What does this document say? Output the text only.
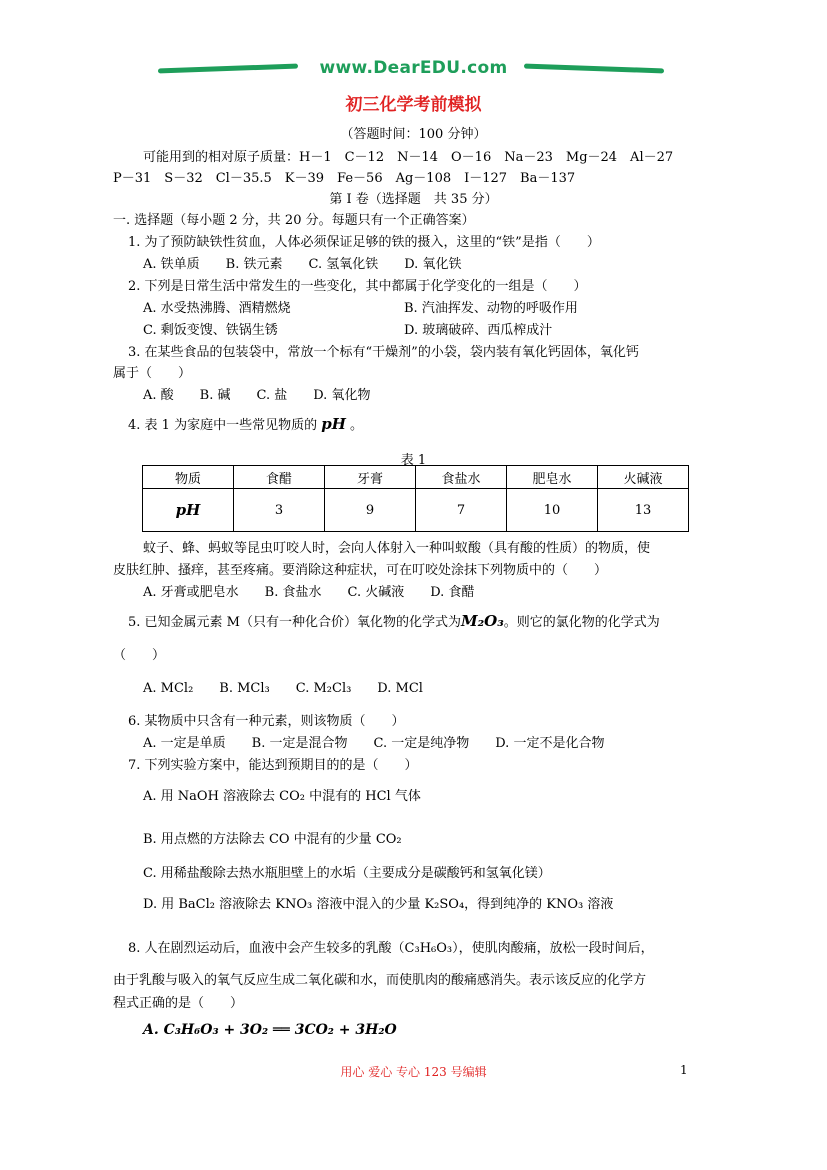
www.DearEDU.com
初三化学考前模拟
（答题时间：100 分钟）
可能用到的相对原子质量：H－1　C－12　N－14　O－16　Na－23　Mg－24　Al－27
P－31　S－32　Cl－35.5　K－39　Fe－56　Ag－108　I－127　Ba－137
第 I 卷（选择题　共 35 分）
一. 选择题（每小题 2 分，共 20 分。每题只有一个正确答案）
1. 为了预防缺铁性贫血，人体必须保证足够的铁的摄入，这里的“铁”是指（　　）
A. 铁单质　　B. 铁元素　　C. 氢氧化铁　　D. 氧化铁
2. 下列是日常生活中常发生的一些变化，其中都属于化学变化的一组是（　　）
A. 水受热沸腾、酒精燃烧	B. 汽油挥发、动物的呼吸作用
C. 剩饭变馊、铁锅生锈	D. 玻璃破碎、西瓜榨成汁
3. 在某些食品的包装袋中，常放一个标有“干燥剂”的小袋，袋内装有氧化钙固体，氧化钙
属于（　　）
A. 酸　　B. 碱　　C. 盐　　D. 氧化物
4. 表 1 为家庭中一些常见物质的 pH 。
表 1
物质	食醋	牙膏	食盐水	肥皂水	火碱液
pH	3	9	7	10	13
蚊子、蜂、蚂蚁等昆虫叮咬人时，会向人体射入一种叫蚁酸（具有酸的性质）的物质，使
皮肤红肿、搔痒，甚至疼痛。要消除这种症状，可在叮咬处涂抹下列物质中的（　　）
A. 牙膏或肥皂水　　B. 食盐水　　C. 火碱液　　D. 食醋
5. 已知金属元素 M（只有一种化合价）氧化物的化学式为M₂O₃。则它的氯化物的化学式为
（　　）
A. MCl₂　　B. MCl₃　　C. M₂Cl₃　　D. MCl
6. 某物质中只含有一种元素，则该物质（　　）
A. 一定是单质　　B. 一定是混合物　　C. 一定是纯净物　　D. 一定不是化合物
7. 下列实验方案中，能达到预期目的的是（　　）
A. 用 NaOH 溶液除去 CO₂ 中混有的 HCl 气体
B. 用点燃的方法除去 CO 中混有的少量 CO₂
C. 用稀盐酸除去热水瓶胆壁上的水垢（主要成分是碳酸钙和氢氧化镁）
D. 用 BaCl₂ 溶液除去 KNO₃ 溶液中混入的少量 K₂SO₄，得到纯净的 KNO₃ 溶液
8. 人在剧烈运动后，血液中会产生较多的乳酸（C₃H₆O₃），使肌肉酸痛，放松一段时间后，
由于乳酸与吸入的氧气反应生成二氧化碳和水，而使肌肉的酸痛感消失。表示该反应的化学方
程式正确的是（　　）
A. C₃H₆O₃ + 3O₂ ══ 3CO₂ + 3H₂O
用心 爱心 专心 123 号编辑	1
